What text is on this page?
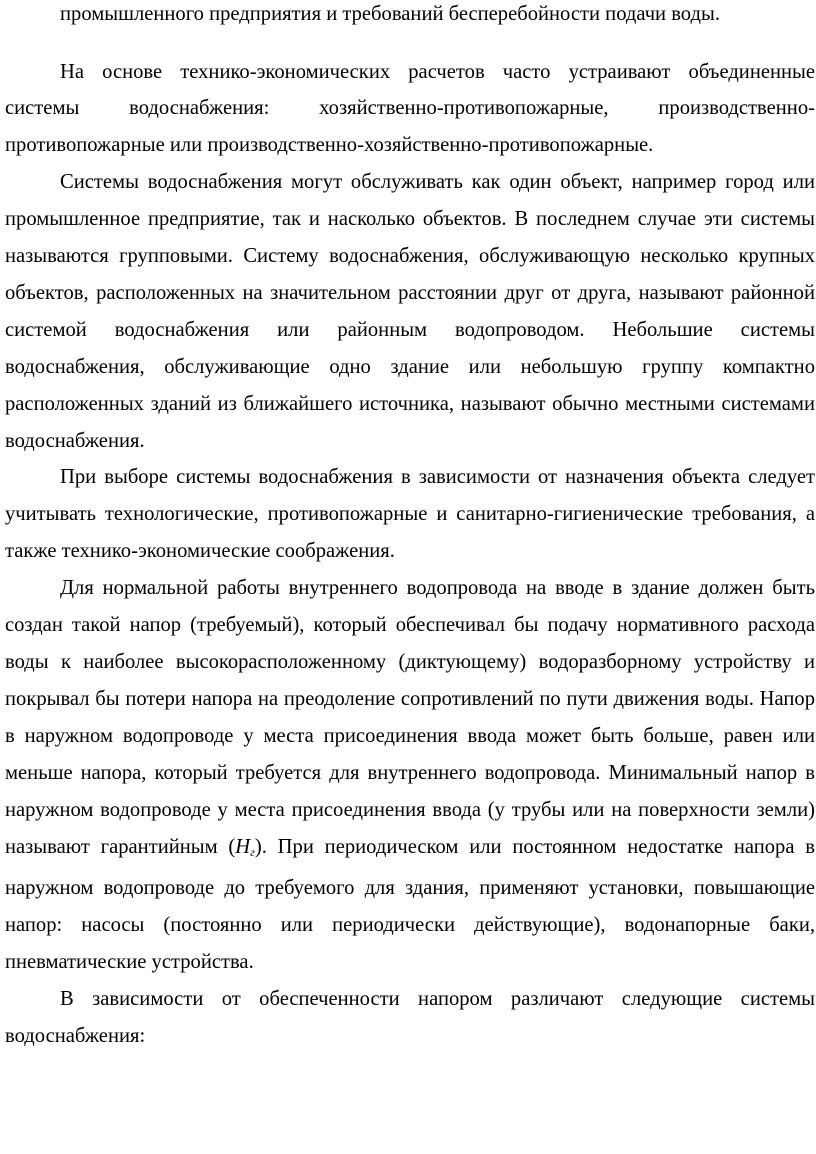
промышленного предприятия и требований бесперебойности подачи воды.

На основе технико-экономических расчетов часто устраивают объединенные системы водоснабжения: хозяйственно-противопожарные, производственно-противопожарные или производственно-хозяйственно-противопожарные.

Системы водоснабжения могут обслуживать как один объект, например город или промышленное предприятие, так и насколько объектов. В последнем случае эти системы называются групповыми. Систему водоснабжения, обслуживающую несколько крупных объектов, расположенных на значительном расстоянии друг от друга, называют районной системой водоснабжения или районным водопроводом. Небольшие системы водоснабжения, обслуживающие одно здание или небольшую группу компактно расположенных зданий из ближайшего источника, называют обычно местными системами водоснабжения.

При выборе системы водоснабжения в зависимости от назначения объекта следует учитывать технологические, противопожарные и санитарно-гигиенические требования, а также технико-экономические соображения.

Для нормальной работы внутреннего водопровода на вводе в здание должен быть создан такой напор (требуемый), который обеспечивал бы подачу нормативного расхода воды к наиболее высокорасположенному (диктующему) водоразборному устройству и покрывал бы потери напора на преодоление сопротивлений по пути движения воды. Напор в наружном водопроводе у места присоединения ввода может быть больше, равен или меньше напора, который требуется для внутреннего водопровода. Минимальный напор в наружном водопроводе у места присоединения ввода (у трубы или на поверхности земли) называют гарантийным $(H_г)$. При периодическом или постоянном недостатке напора в наружном водопроводе до требуемого для здания, применяют установки, повышающие напор: насосы (постоянно или периодически действующие), водонапорные баки, пневматические устройства.

В зависимости от обеспеченности напором различают следующие системы водоснабжения:
